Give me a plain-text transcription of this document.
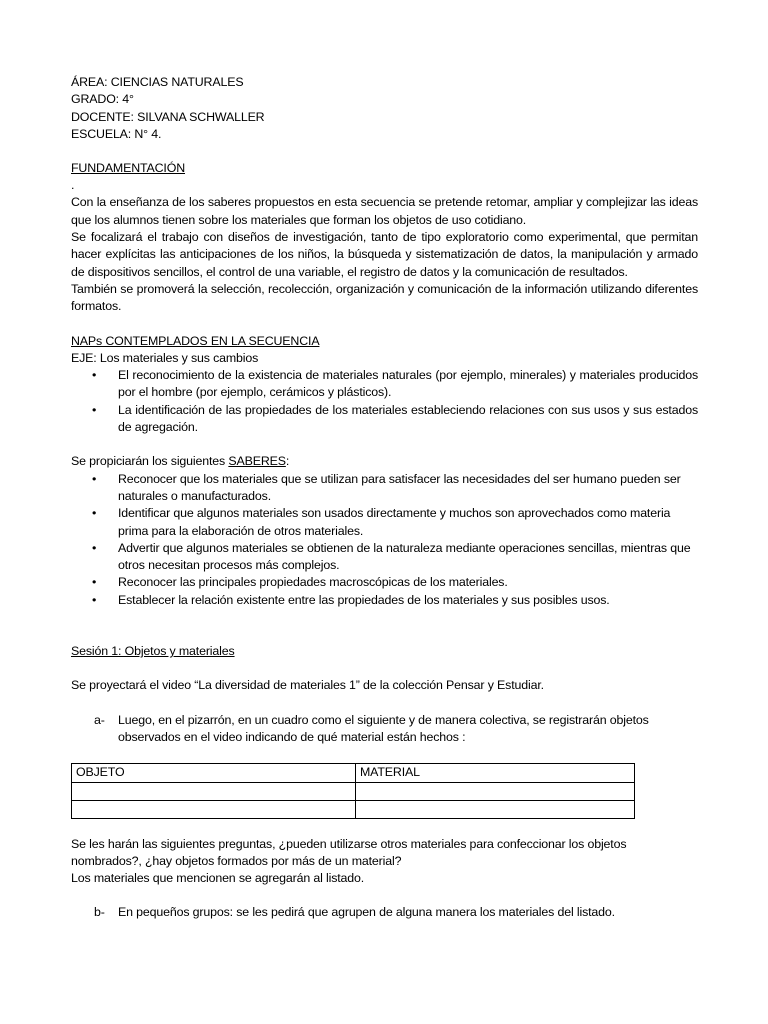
ÁREA: CIENCIAS NATURALES
GRADO: 4°
DOCENTE: SILVANA SCHWALLER
ESCUELA: N° 4.
FUNDAMENTACIÓN
.
Con la enseñanza de los saberes propuestos en esta secuencia se pretende retomar, ampliar y complejizar las ideas que los alumnos tienen sobre los materiales que forman los objetos de uso cotidiano.
Se focalizará el trabajo con diseños de investigación, tanto de tipo exploratorio como experimental, que permitan hacer explícitas las anticipaciones de los niños, la búsqueda y sistematización de datos, la manipulación y armado de dispositivos sencillos, el control de una variable, el registro de datos y la comunicación de resultados.
También se promoverá la selección, recolección, organización y comunicación de la información utilizando diferentes formatos.
NAPs CONTEMPLADOS EN LA SECUENCIA
EJE: Los materiales y sus cambios
• El reconocimiento de la existencia de materiales naturales (por ejemplo, minerales) y materiales producidos por el hombre (por ejemplo, cerámicos y plásticos).
• La identificación de las propiedades de los materiales estableciendo relaciones con sus usos y sus estados de agregación.
Se propiciarán los siguientes SABERES:
• Reconocer que los materiales que se utilizan para satisfacer las necesidades del ser humano pueden ser naturales o manufacturados.
• Identificar que algunos materiales son usados directamente y muchos son aprovechados como materia prima para la elaboración de otros materiales.
• Advertir que algunos materiales se obtienen de la naturaleza mediante operaciones sencillas, mientras que otros necesitan procesos más complejos.
• Reconocer las principales propiedades macroscópicas de los materiales.
• Establecer la relación existente entre las propiedades de los materiales y sus posibles usos.
Sesión 1: Objetos y materiales
Se proyectará el video “La diversidad de materiales 1” de la colección Pensar y Estudiar.
a- Luego, en el pizarrón, en un cuadro como el siguiente y de manera colectiva, se registrarán objetos observados en el video indicando de qué material están hechos :
OBJETO	MATERIAL

Se les harán las siguientes preguntas, ¿pueden utilizarse otros materiales para confeccionar los objetos nombrados?, ¿hay objetos formados por más de un material?
Los materiales que mencionen se agregarán al listado.
b- En pequeños grupos: se les pedirá que agrupen de alguna manera los materiales del listado.
